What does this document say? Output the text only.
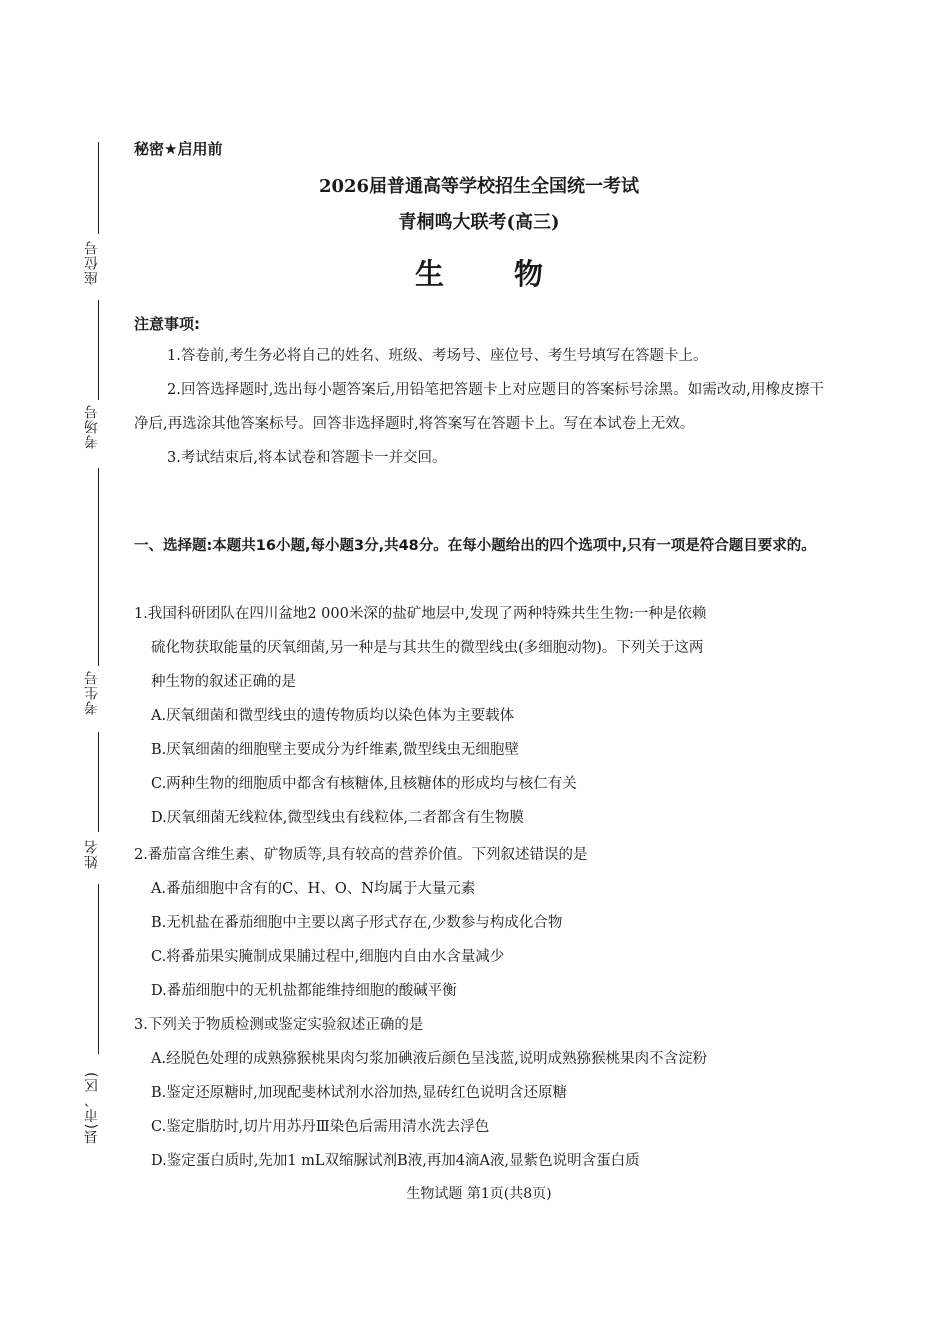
座位号
考场号
考生号
姓名
县(市、区)
秘密★启用前
2026届普通高等学校招生全国统一考试
青桐鸣大联考(高三)
生 物
注意事项:

1.答卷前,考生务必将自己的姓名、班级、考场号、座位号、考生号填写在答题卡上。

2.回答选择题时,选出每小题答案后,用铅笔把答题卡上对应题目的答案标号涂黑。如需改动,用橡皮擦干净后,再选涂其他答案标号。回答非选择题时,将答案写在答题卡上。写在本试卷上无效。

3.考试结束后,将本试卷和答题卡一并交回。

一、选择题:本题共16小题,每小题3分,共48分。在每小题给出的四个选项中,只有一项是符合题目要求的。

1.我国科研团队在四川盆地2 000米深的盐矿地层中,发现了两种特殊共生生物:一种是依赖

硫化物获取能量的厌氧细菌,另一种是与其共生的微型线虫(多细胞动物)。下列关于这两

种生物的叙述正确的是

A.厌氧细菌和微型线虫的遗传物质均以染色体为主要载体

B.厌氧细菌的细胞壁主要成分为纤维素,微型线虫无细胞壁

C.两种生物的细胞质中都含有核糖体,且核糖体的形成均与核仁有关

D.厌氧细菌无线粒体,微型线虫有线粒体,二者都含有生物膜

2.番茄富含维生素、矿物质等,具有较高的营养价值。下列叙述错误的是

A.番茄细胞中含有的C、H、O、N均属于大量元素

B.无机盐在番茄细胞中主要以离子形式存在,少数参与构成化合物

C.将番茄果实腌制成果脯过程中,细胞内自由水含量减少

D.番茄细胞中的无机盐都能维持细胞的酸碱平衡

3.下列关于物质检测或鉴定实验叙述正确的是

A.经脱色处理的成熟猕猴桃果肉匀浆加碘液后颜色呈浅蓝,说明成熟猕猴桃果肉不含淀粉

B.鉴定还原糖时,加现配斐林试剂水浴加热,显砖红色说明含还原糖

C.鉴定脂肪时,切片用苏丹Ⅲ染色后需用清水洗去浮色

D.鉴定蛋白质时,先加1 mL双缩脲试剂B液,再加4滴A液,显紫色说明含蛋白质

生物试题 第1页(共8页)
